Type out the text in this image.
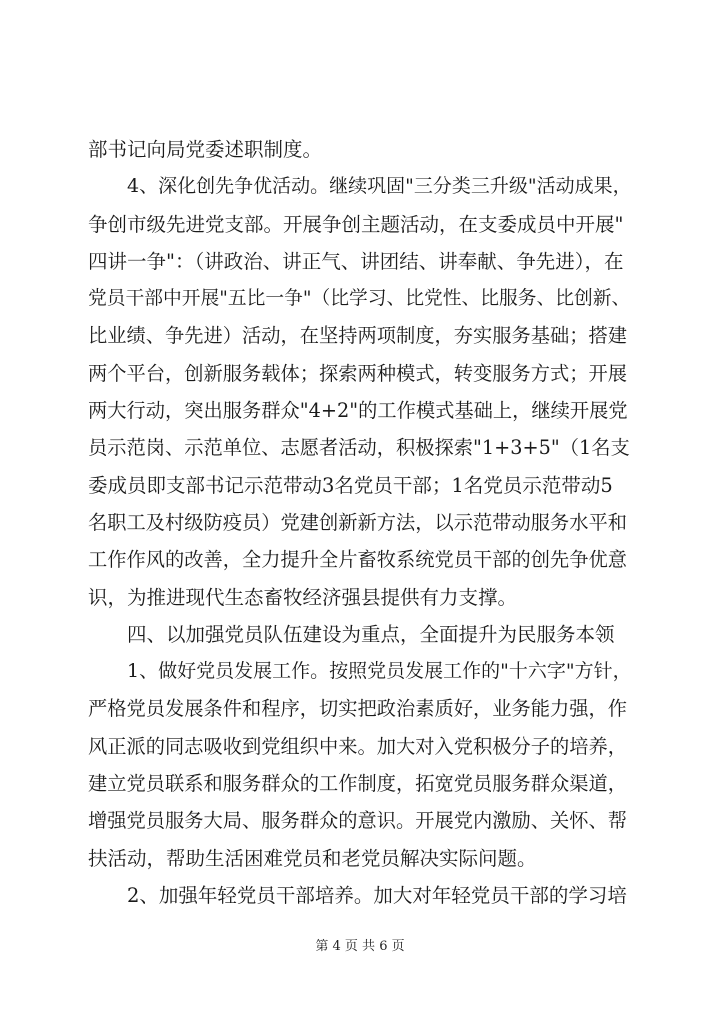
部书记向局党委述职制度。

4、深化创先争优活动。继续巩固"三分类三升级"活动成果，

争创市级先进党支部。开展争创主题活动，在支委成员中开展"

四讲一争"：（讲政治、讲正气、讲团结、讲奉献、争先进），在

党员干部中开展"五比一争"（比学习、比党性、比服务、比创新、

比业绩、争先进）活动，在坚持两项制度，夯实服务基础；搭建

两个平台，创新服务载体；探索两种模式，转变服务方式；开展

两大行动，突出服务群众"4+2"的工作模式基础上，继续开展党

员示范岗、示范单位、志愿者活动，积极探索"1+3+5"（1名支

委成员即支部书记示范带动3名党员干部；1名党员示范带动5

名职工及村级防疫员）党建创新新方法，以示范带动服务水平和

工作作风的改善，全力提升全片畜牧系统党员干部的创先争优意

识，为推进现代生态畜牧经济强县提供有力支撑。

四、以加强党员队伍建设为重点，全面提升为民服务本领

1、做好党员发展工作。按照党员发展工作的"十六字"方针，

严格党员发展条件和程序，切实把政治素质好，业务能力强，作

风正派的同志吸收到党组织中来。加大对入党积极分子的培养，

建立党员联系和服务群众的工作制度，拓宽党员服务群众渠道，

增强党员服务大局、服务群众的意识。开展党内激励、关怀、帮

扶活动，帮助生活困难党员和老党员解决实际问题。

2、加强年轻党员干部培养。加大对年轻党员干部的学习培

第 4 页 共 6 页
